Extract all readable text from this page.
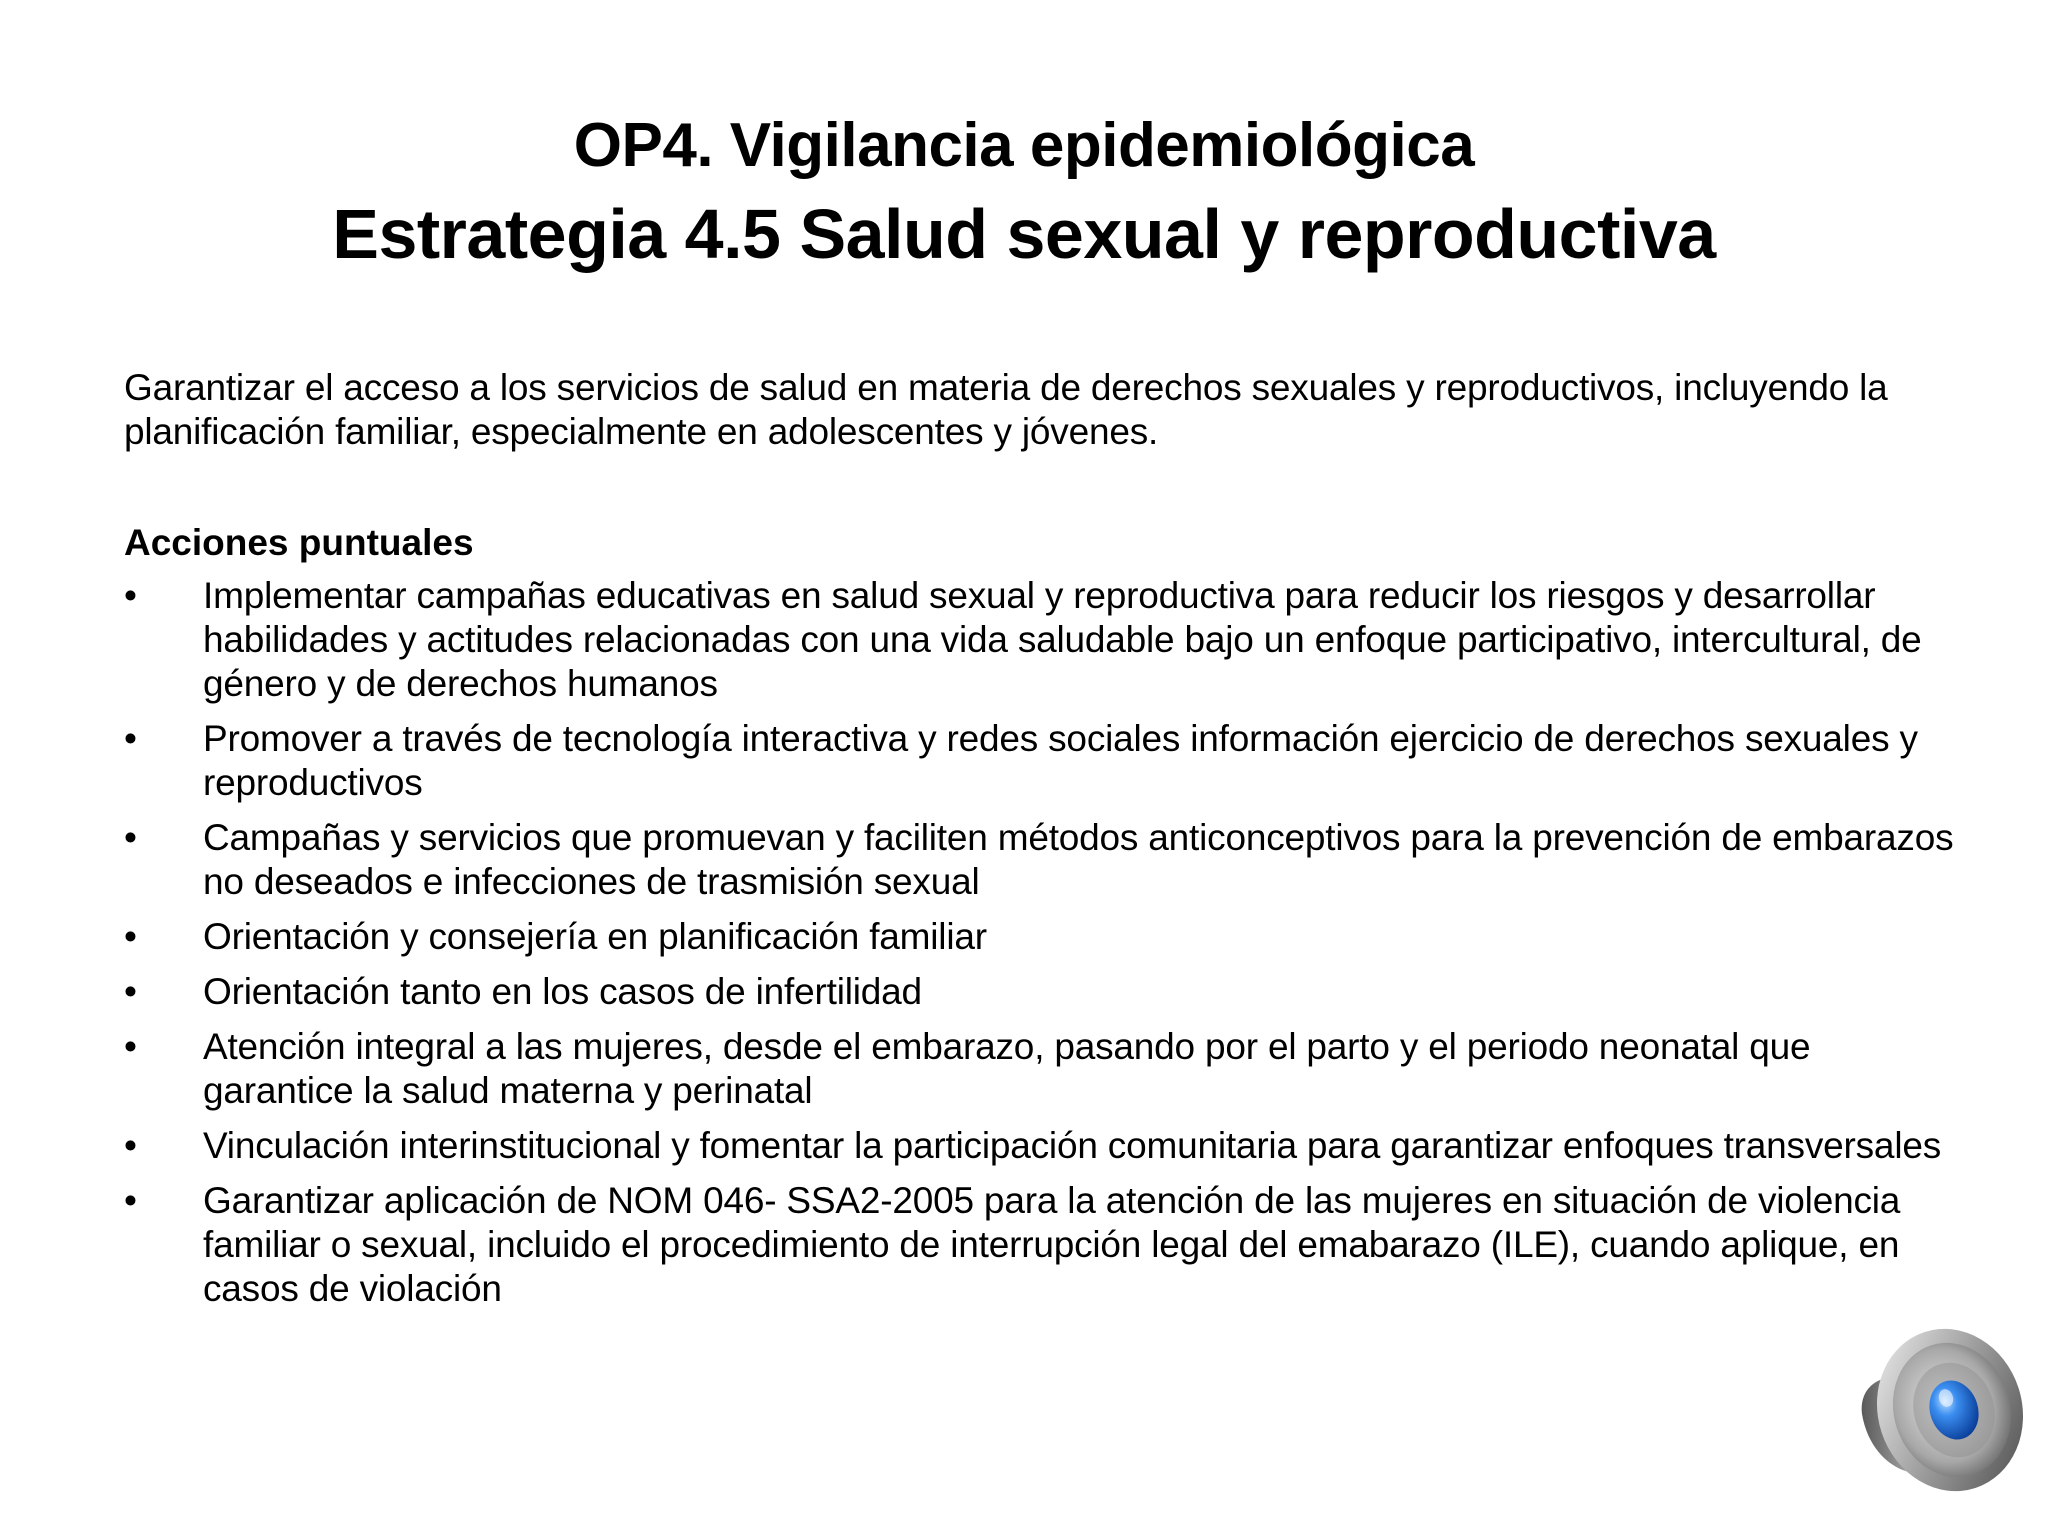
OP4. Vigilancia epidemiológica
Estrategia 4.5 Salud sexual y reproductiva
Garantizar el acceso a los servicios de salud en materia de derechos sexuales y reproductivos, incluyendo la planificación familiar, especialmente en adolescentes y jóvenes.
Acciones puntuales
•	Implementar campañas educativas en salud sexual y reproductiva para reducir los riesgos y desarrollar habilidades y actitudes relacionadas con una vida saludable bajo un enfoque participativo, intercultural, de género y de derechos humanos
•	Promover a través de tecnología interactiva y redes sociales información ejercicio de derechos sexuales y reproductivos
•	Campañas y servicios que promuevan y faciliten métodos anticonceptivos para la prevención de embarazos no deseados e infecciones de trasmisión sexual
•	Orientación y consejería en planificación familiar
•	Orientación tanto en los casos de infertilidad
•	Atención integral a las mujeres, desde el embarazo, pasando por el parto y el periodo neonatal que garantice la salud materna y perinatal
•	Vinculación interinstitucional y fomentar la participación comunitaria para garantizar enfoques transversales
•	Garantizar aplicación de NOM 046- SSA2-2005 para la atención de las mujeres en situación de violencia familiar o sexual, incluido el procedimiento de interrupción legal del emabarazo (ILE), cuando aplique, en casos de violación
